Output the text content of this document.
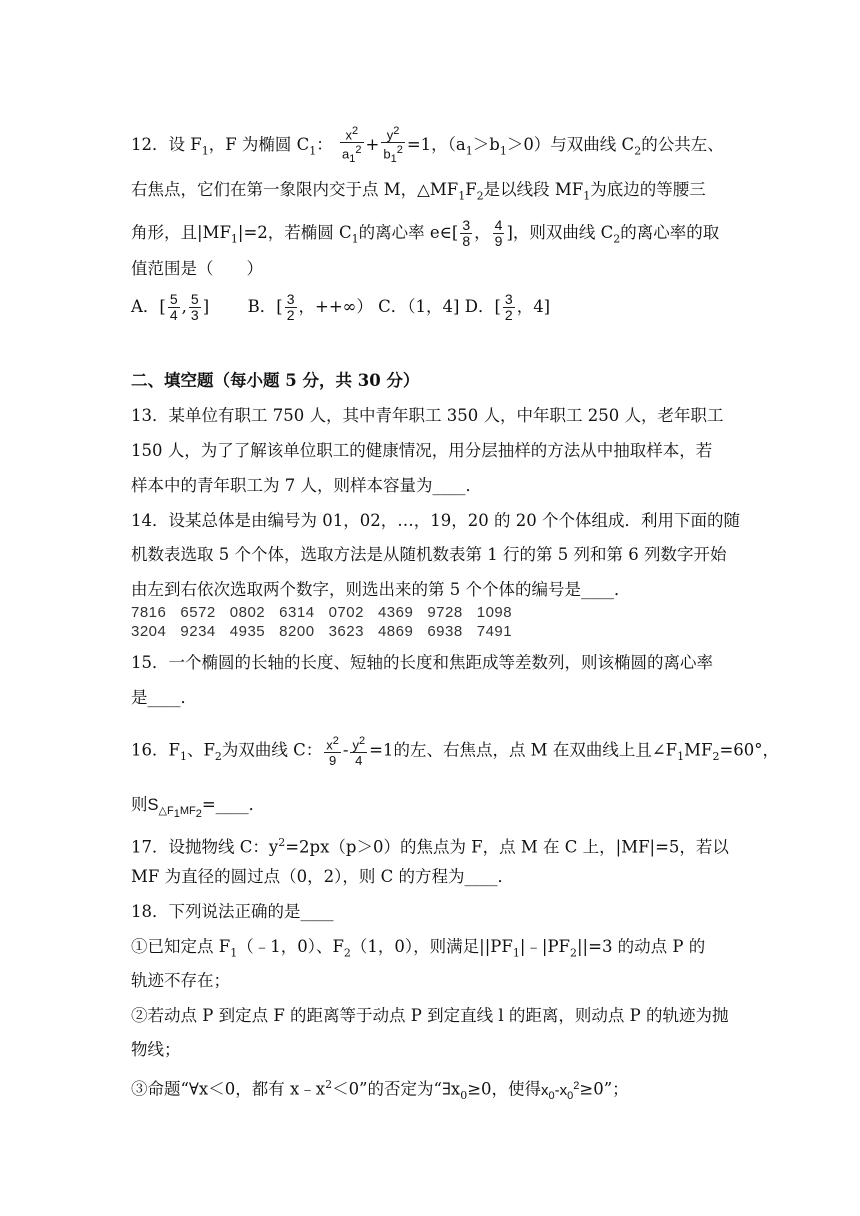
12．设 $F_1$，F 为椭圆 $C_1$： $\frac{x^2}{a_1^2} + \frac{y^2}{b_1^2} =1$，$(a_1>b_1>0)$与双曲线 $C_2$的公共左、
右焦点，它们在第一象限内交于点 M，$\triangle MF_1F_2$是以线段 $MF_1$为底边的等腰三
角形，且$|MF_1|=2$，若椭圆 $C_1$的离心率 e∈[ $\frac{3}{8}$ ， $\frac{4}{9}$ ]，则双曲线 $C_2$的离心率的取
值范围是（　　）
A．[ $\frac{5}{4}$ , $\frac{5}{3}$ ] B．[ $\frac{3}{2}$ ，++∞） C．（1，4] D．[ $\frac{3}{2}$ ，4]
二、填空题（每小题 5 分，共 30 分）
13．某单位有职工 750 人，其中青年职工 350 人，中年职工 250 人，老年职工
150 人，为了了解该单位职工的健康情况，用分层抽样的方法从中抽取样本，若
样本中的青年职工为 7 人，则样本容量为____．
14．设某总体是由编号为 01，02，…，19，20 的 20 个个体组成．利用下面的随
机数表选取 5 个个体，选取方法是从随机数表第 1 行的第 5 列和第 6 列数字开始
由左到右依次选取两个数字，则选出来的第 5 个个体的编号是____．
7816 6572 0802 6314 0702 4369 9728 1098
3204 9234 4935 8200 3623 4869 6938 7491
15．一个椭圆的长轴的长度、短轴的长度和焦距成等差数列，则该椭圆的离心率
是____．
16．$F_1$、$F_2$为双曲线 C： $\frac{x^2}{9} - \frac{y^2}{4} =1$的左、右焦点，点 M 在双曲线上且$\angle F_1MF_2=60^\circ$，
则$S_{\triangle F_1MF_2}=\_\_\_\_$．
17．设抛物线 C：$y^2=2px(p>0)$的焦点为 F，点 M 在 C 上，|MF|=5，若以
MF 为直径的圆过点（0，2），则 C 的方程为____．
18．下列说法正确的是____
①已知定点 $F_1(﹣1$，0）、$F_2(1$，0），则满足$||PF_1|﹣|PF_2||=3$ 的动点 P 的
轨迹不存在；
②若动点 P 到定点 F 的距离等于动点 P 到定直线 l 的距离，则动点 P 的轨迹为抛
物线；
③命题“∀x＜0，都有 $x﹣x^2<0$”的否定为“$\exists x_0\ge 0$，使得$x_0-x_0^2\ge 0$”；
